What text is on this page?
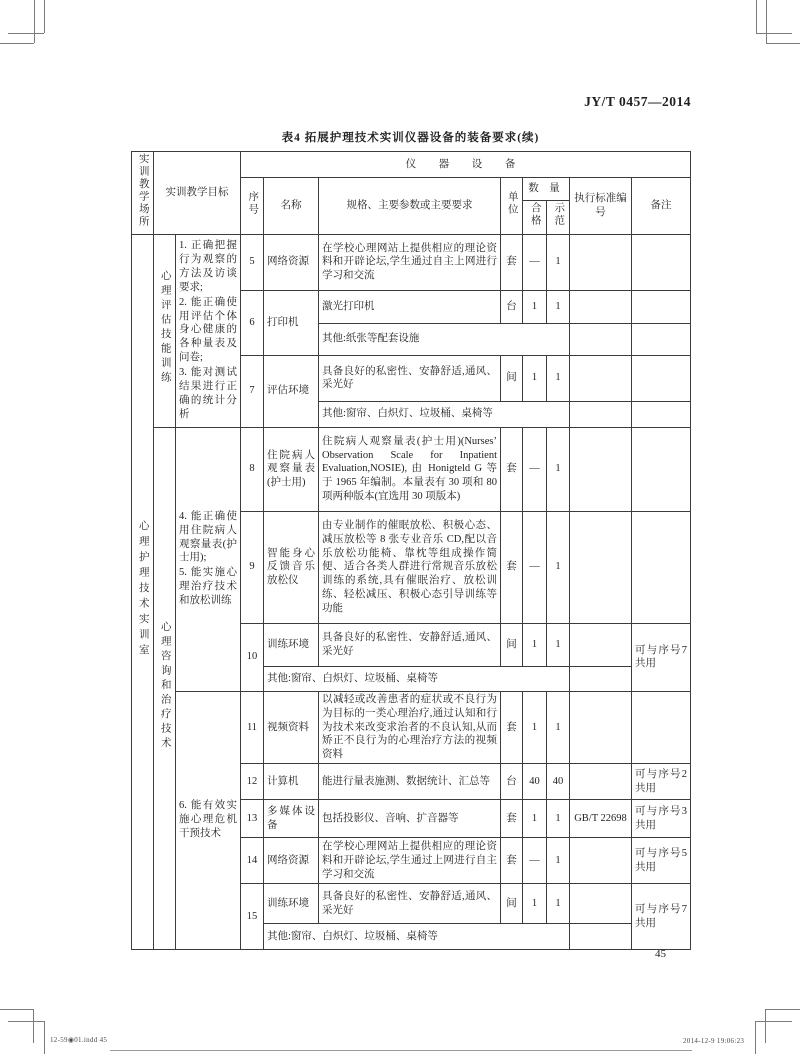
JY/T 0457—2014
表4 拓展护理技术实训仪器设备的装备要求(续)
45
12-59◉01.indd 45	2014-12-9 19:06:23
实训教学场所	实训教学目标		仪 器 设 备							
			序号	名称	规格、主要参数或主要要求	单位	数 量		执行标准编号	备注
							合格	示范		
心理护理技术实训室	心理评估技能训练	1. 正确把握行为观察的方法及访谈要求;
2. 能正确使用评估个体身心健康的各种量表及问卷;
3. 能对测试结果进行正确的统计分析	5	网络资源	在学校心理网站上提供相应的理论资料和开辟论坛,学生通过自主上网进行学习和交流	套	—	1		
			6	打印机	激光打印机	台	1	1		
					其他:纸张等配套设施					
			7	评估环境	具备良好的私密性、安静舒适,通风、采光好	间	1	1		
					其他:窗帘、白炽灯、垃圾桶、桌椅等					
	心理咨询和治疗技术	4. 能正确使用住院病人观察量表(护士用);
5. 能实施心理治疗技术和放松训练	8	住院病人观察量表(护士用)	住院病人观察量表(护士用)(Nurses’ Observation Scale for Inpatient Evaluation,NOSIE), 由 Honigteld G 等于 1965 年编制。本量表有 30 项和 80 项两种版本(宜选用 30 项版本)	套	—	1		
			9	智能身心反馈音乐放松仪	由专业制作的催眠放松、积极心态、减压放松等 8 张专业音乐 CD,配以音乐放松功能椅、靠枕等组成操作简便、适合各类人群进行常规音乐放松训练的系统,具有催眠治疗、放松训练、轻松减压、积极心态引导训练等功能	套	—	1		
			10	训练环境	具备良好的私密性、安静舒适,通风、采光好	间	1	1		可与序号7共用
				其他:窗帘、白炽灯、垃圾桶、桌椅等						

		6. 能有效实施心理危机干预技术	11	视频资料	以减轻或改善患者的症状或不良行为为目标的一类心理治疗,通过认知和行为技术来改变求治者的不良认知,从而矫正不良行为的心理治疗方法的视频资料	套	1	1		
			12	计算机	能进行量表施测、数据统计、汇总等	台	40	40		可与序号2共用
			13	多媒体设备	包括投影仪、音响、扩音器等	套	1	1	GB/T 22698	可与序号3共用
			14	网络资源	在学校心理网站上提供相应的理论资料和开辟论坛,学生通过上网进行自主学习和交流	套	—	1		可与序号5共用
			15	训练环境	具备良好的私密性、安静舒适,通风、采光好	间	1	1		可与序号7共用
				其他:窗帘、白炽灯、垃圾桶、桌椅等						
